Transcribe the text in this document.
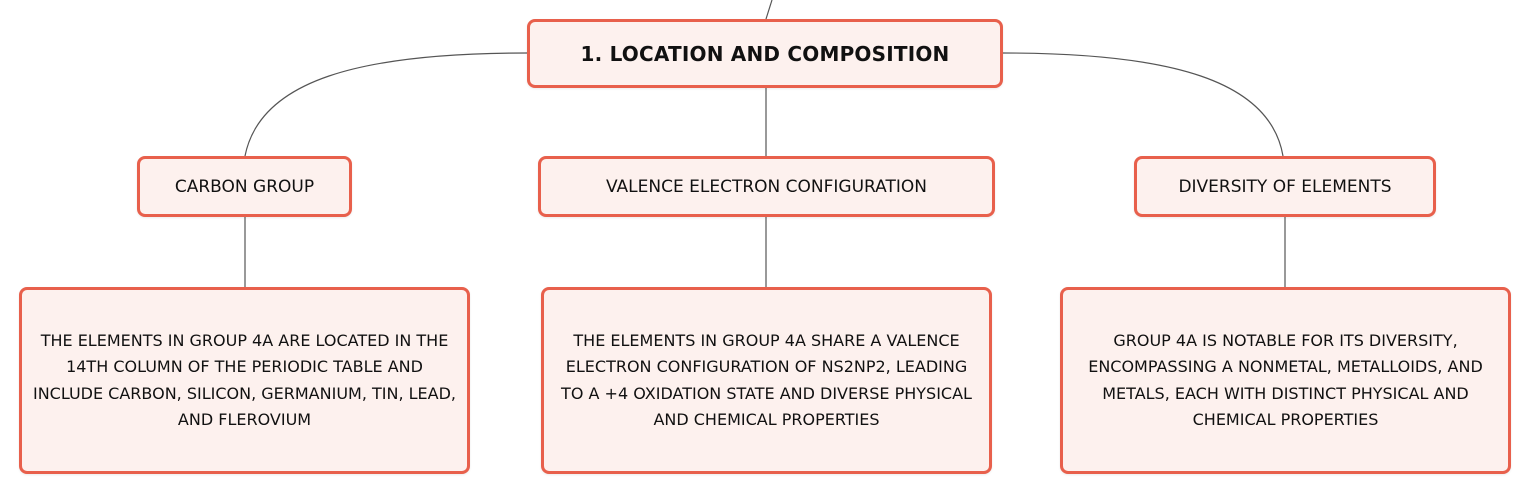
1. LOCATION AND COMPOSITION
CARBON GROUP	VALENCE ELECTRON CONFIGURATION	DIVERSITY OF ELEMENTS
THE ELEMENTS IN GROUP 4A ARE LOCATED IN THE 14TH COLUMN OF THE PERIODIC TABLE AND INCLUDE CARBON, SILICON, GERMANIUM, TIN, LEAD, AND FLEROVIUM
THE ELEMENTS IN GROUP 4A SHARE A VALENCE ELECTRON CONFIGURATION OF NS2NP2, LEADING TO A +4 OXIDATION STATE AND DIVERSE PHYSICAL AND CHEMICAL PROPERTIES
GROUP 4A IS NOTABLE FOR ITS DIVERSITY, ENCOMPASSING A NONMETAL, METALLOIDS, AND METALS, EACH WITH DISTINCT PHYSICAL AND CHEMICAL PROPERTIES
